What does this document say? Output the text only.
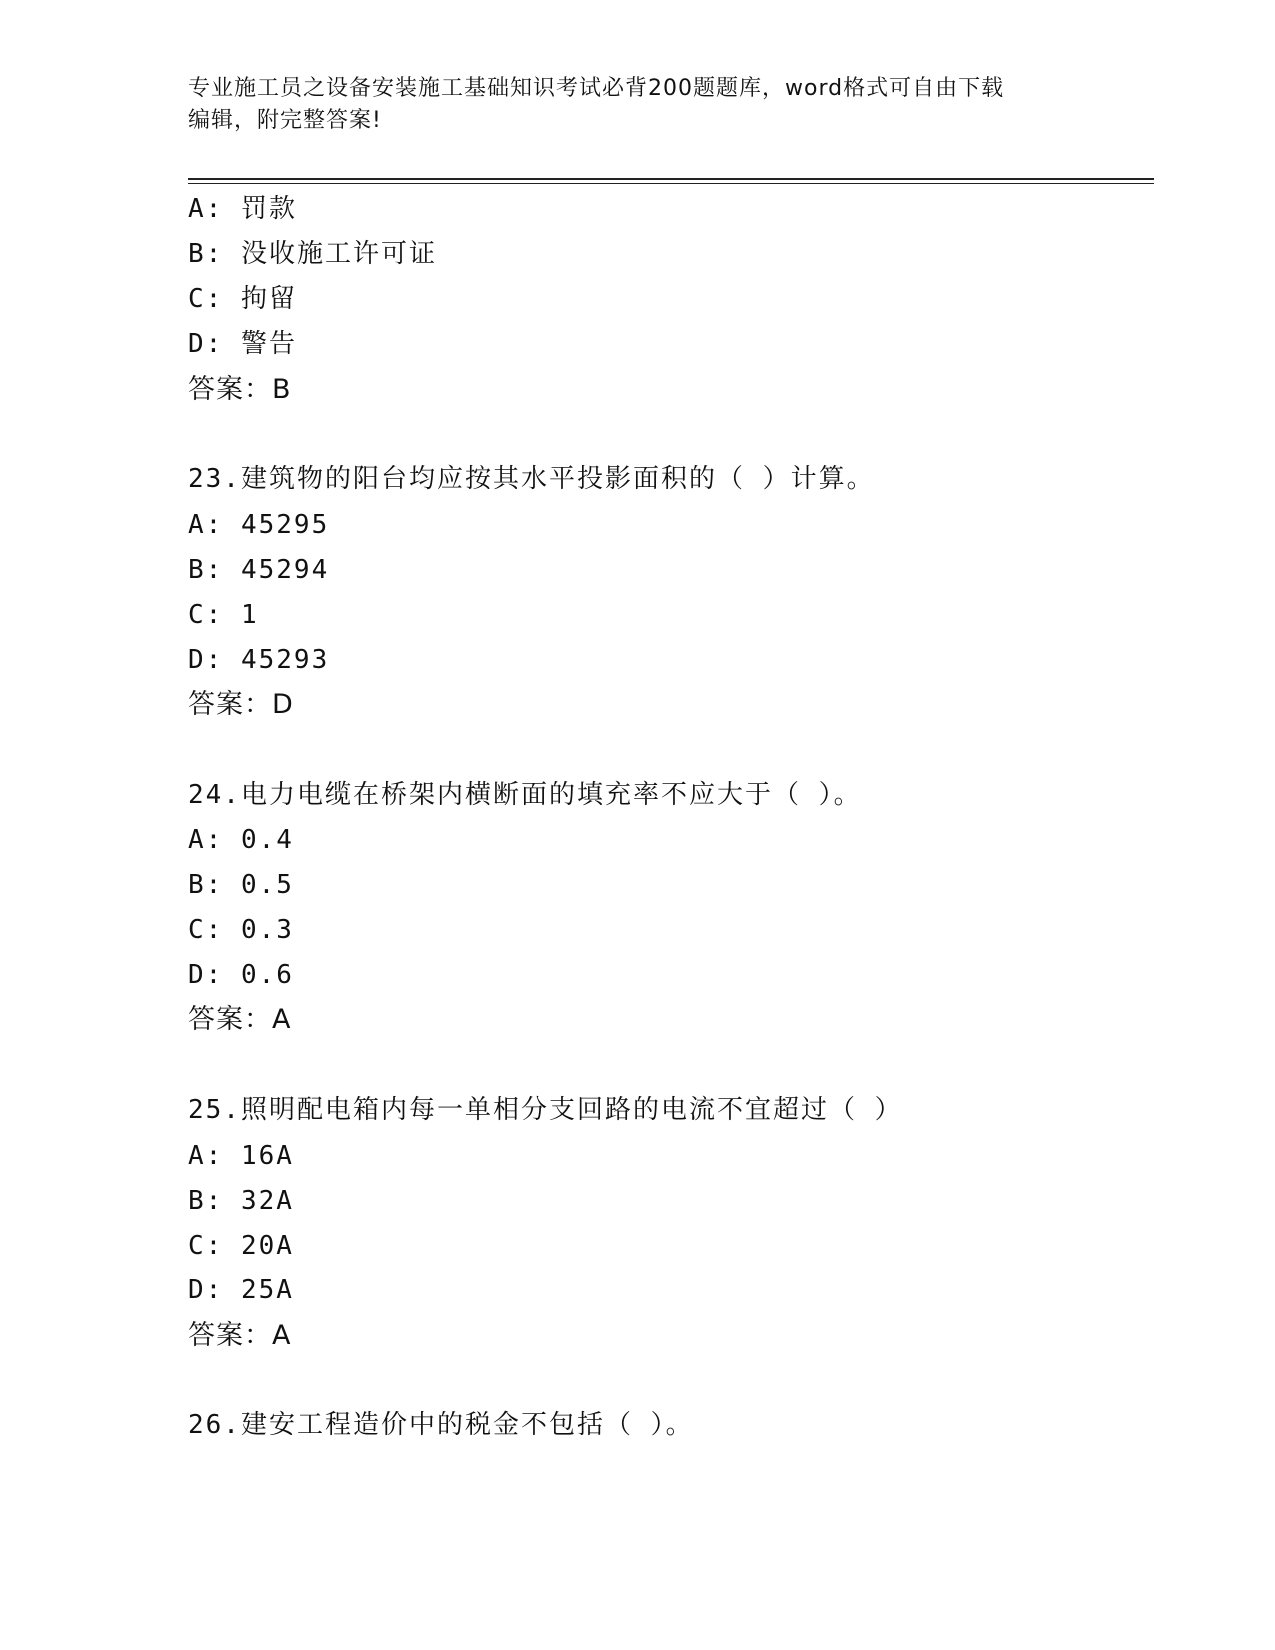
专业施工员之设备安装施工基础知识考试必背200题题库，word格式可自由下载
编辑，附完整答案!
A: 罚款
B: 没收施工许可证
C: 拘留
D: 警告
答案：B
23.建筑物的阳台均应按其水平投影面积的（ ）计算。
A: 45295
B: 45294
C: 1
D: 45293
答案：D
24.电力电缆在桥架内横断面的填充率不应大于（ ）。
A: 0.4
B: 0.5
C: 0.3
D: 0.6
答案：A
25.照明配电箱内每一单相分支回路的电流不宜超过（ ）
A: 16A
B: 32A
C: 20A
D: 25A
答案：A
26.建安工程造价中的税金不包括（ ）。
